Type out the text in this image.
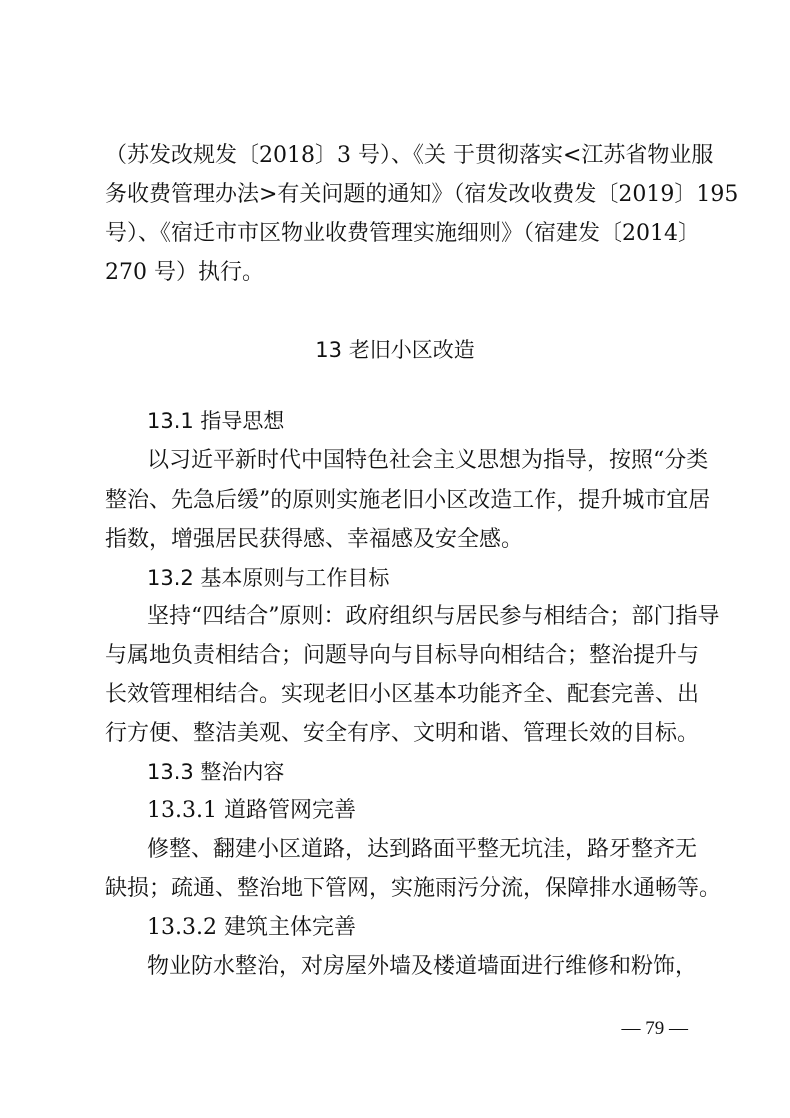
（苏发改规发〔2018〕3 号）、《关 于贯彻落实<江苏省物业服
务收费管理办法>有关问题的通知》（宿发改收费发〔2019〕195
号）、《宿迁市市区物业收费管理实施细则》（宿建发〔2014〕
270 号）执行。
13 老旧小区改造
13.1 指导思想
以习近平新时代中国特色社会主义思想为指导，按照“分类
整治、先急后缓”的原则实施老旧小区改造工作，提升城市宜居
指数，增强居民获得感、幸福感及安全感。
13.2 基本原则与工作目标
坚持“四结合”原则：政府组织与居民参与相结合；部门指导
与属地负责相结合；问题导向与目标导向相结合；整治提升与
长效管理相结合。实现老旧小区基本功能齐全、配套完善、出
行方便、整洁美观、安全有序、文明和谐、管理长效的目标。
13.3 整治内容
13.3.1 道路管网完善
修整、翻建小区道路，达到路面平整无坑洼，路牙整齐无
缺损；疏通、整治地下管网，实施雨污分流，保障排水通畅等。
13.3.2 建筑主体完善
物业防水整治，对房屋外墙及楼道墙面进行维修和粉饰，
— 79 —
